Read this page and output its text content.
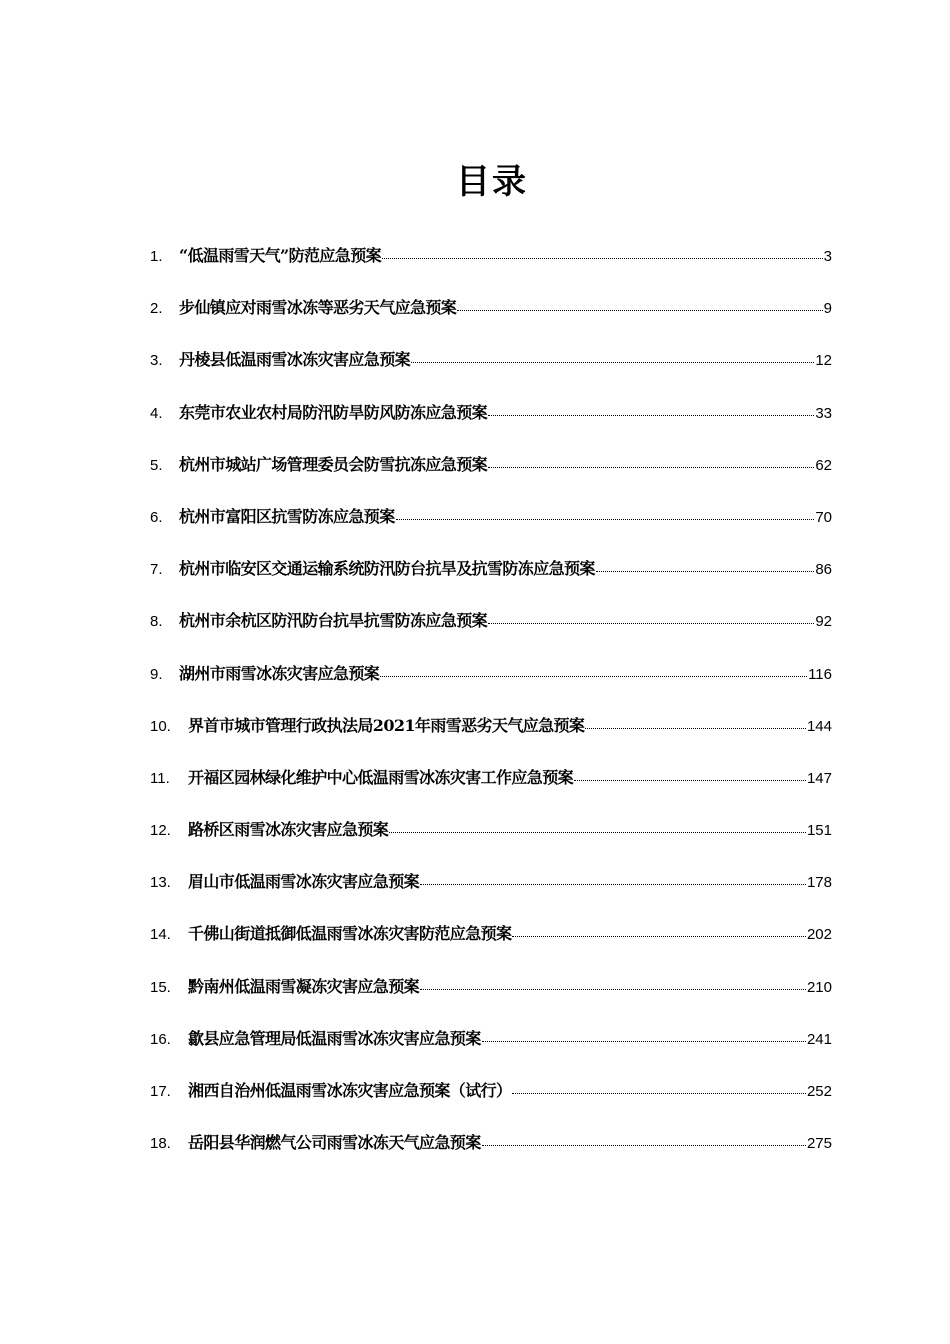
目录
1.	“低温雨雪天气”防范应急预案	3
2.	步仙镇应对雨雪冰冻等恶劣天气应急预案	9
3.	丹棱县低温雨雪冰冻灾害应急预案	12
4.	东莞市农业农村局防汛防旱防风防冻应急预案	33
5.	杭州市城站广场管理委员会防雪抗冻应急预案	62
6.	杭州市富阳区抗雪防冻应急预案	70
7.	杭州市临安区交通运输系统防汛防台抗旱及抗雪防冻应急预案	86
8.	杭州市余杭区防汛防台抗旱抗雪防冻应急预案	92
9.	湖州市雨雪冰冻灾害应急预案	116
10.	界首市城市管理行政执法局2021年雨雪恶劣天气应急预案	144
11.	开福区园林绿化维护中心低温雨雪冰冻灾害工作应急预案	147
12.	路桥区雨雪冰冻灾害应急预案	151
13.	眉山市低温雨雪冰冻灾害应急预案	178
14.	千佛山街道抵御低温雨雪冰冻灾害防范应急预案	202
15.	黔南州低温雨雪凝冻灾害应急预案	210
16.	歙县应急管理局低温雨雪冰冻灾害应急预案	241
17.	湘西自治州低温雨雪冰冻灾害应急预案（试行）	252
18.	岳阳县华润燃气公司雨雪冰冻天气应急预案	275
